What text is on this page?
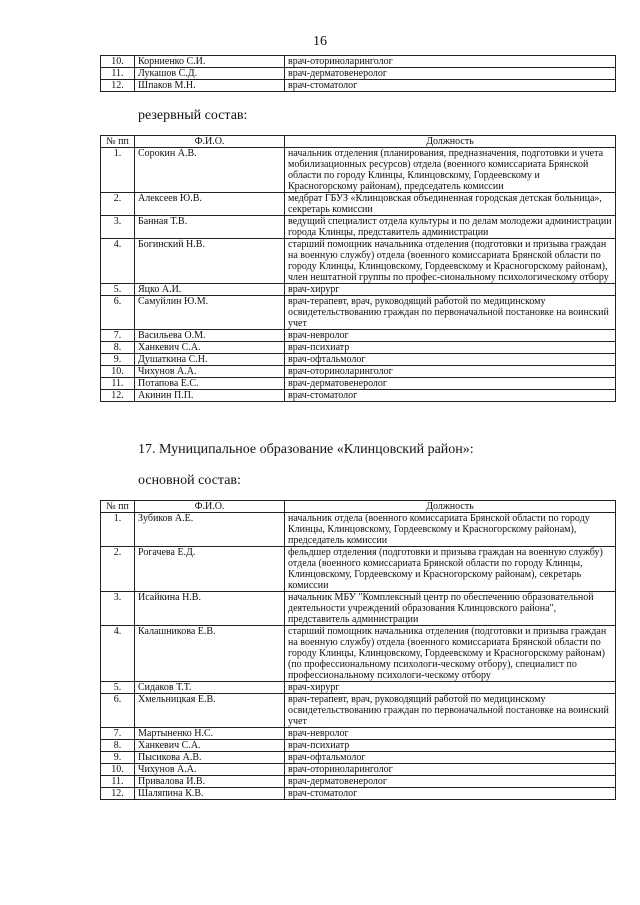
16
10.	Корниенко С.И.	врач-оториноларинголог
11.	Лукашов С.Д.	врач-дерматовенеролог
12.	Шпаков М.Н.	врач-стоматолог
резервный состав:
№ пп	Ф.И.О.	Должность
1.	Сорокин А.В.	начальник отделения (планирования, предназначения, подготовки и учета мобилизационных ресурсов) отдела (военного комиссариата Брянской области по городу Клинцы, Клинцовскому, Гордеевскому и Красногорскому районам), председатель комиссии
2.	Алексеев Ю.В.	медбрат ГБУЗ «Клинцовская объединенная городская детская больница», секретарь комиссии
3.	Банная Т.В.	ведущий специалист отдела культуры и по делам молодежи администрации города Клинцы, представитель администрации
4.	Богинский Н.В.	старший помощник начальника отделения (подготовки и призыва граждан на военную службу) отдела (военного комиссариата Брянской области по городу Клинцы, Клинцовскому, Гордеевскому и Красногорскому районам), член нештатной группы по профес-сиональному психологическому отбору
5.	Яцко А.И.	врач-хирург
6.	Самуйлин Ю.М.	врач-терапевт, врач, руководящий работой по медицинскому освидетельствованию граждан по первоначальной постановке на воинский учет
7.	Васильева О.М.	врач-невролог
8.	Ханкевич С.А.	врач-психиатр
9.	Душаткина С.Н.	врач-офтальмолог
10.	Чихунов А.А.	врач-оториноларинголог
11.	Потапова Е.С.	врач-дерматовенеролог
12.	Акинин П.П.	врач-стоматолог
17. Муниципальное образование «Клинцовский район»:
основной состав:
№ пп	Ф.И.О.	Должность
1.	Зубиков А.Е.	начальник отдела (военного комиссариата Брянской области по городу Клинцы, Клинцовскому, Гордеевскому и Красногорскому районам), председатель комиссии
2.	Рогачева Е.Д.	фельдшер отделения (подготовки и призыва граждан на военную службу) отдела (военного комиссариата Брянской области по городу Клинцы, Клинцовскому, Гордеевскому и Красногорскому районам), секретарь комиссии
3.	Исайкина Н.В.	начальник МБУ "Комплексный центр по обеспечению образовательной деятельности учреждений образования Клинцовского района", представитель администрации
4.	Калашникова Е.В.	старший помощник начальника отделения (подготовки и призыва граждан на военную службу) отдела (военного комиссариата Брянской области по городу Клинцы, Клинцовскому, Гордеевскому и Красногорскому районам) (по профессиональному психологи-ческому отбору), специалист по профессиональному психологи-ческому отбору
5.	Сидаков Т.Т.	врач-хирург
6.	Хмельницкая Е.В.	врач-терапевт, врач, руководящий работой по медицинскому освидетельствованию граждан по первоначальной постановке на воинский учет
7.	Мартыненко Н.С.	врач-невролог
8.	Ханкевич С.А.	врач-психиатр
9.	Пысикова А.В.	врач-офтальмолог
10.	Чихунов А.А.	врач-оториноларинголог
11.	Привалова И.В.	врач-дерматовенеролог
12.	Шаляпина К.В.	врач-стоматолог
